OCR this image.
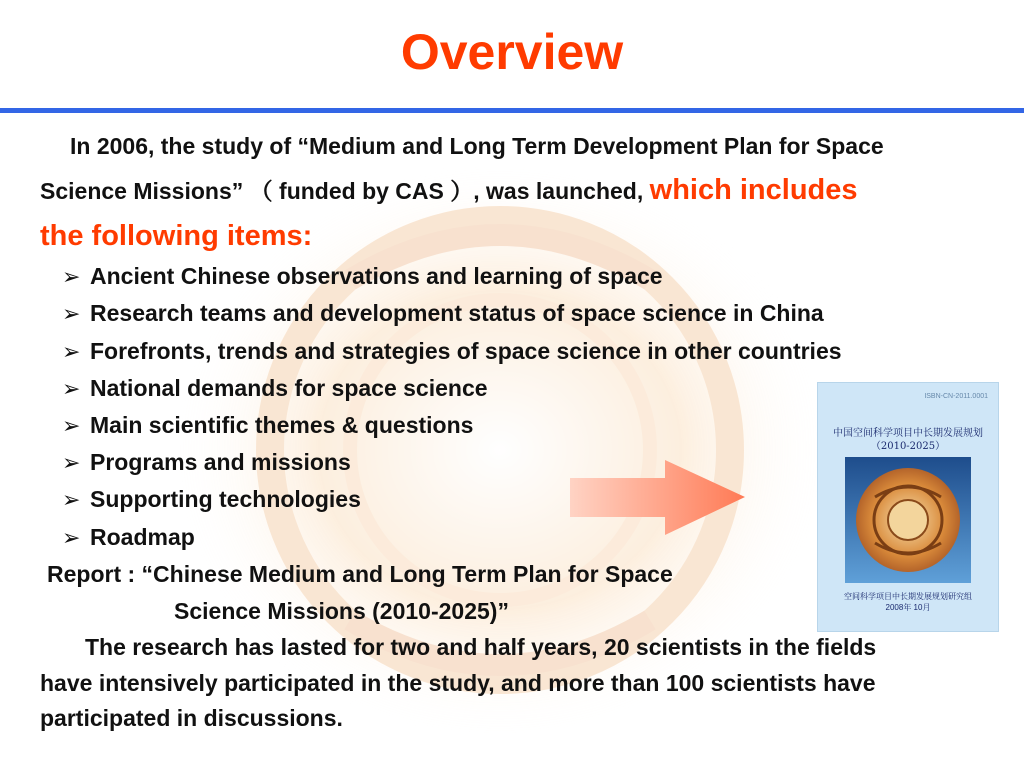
Overview
In 2006, the study of “Medium and Long Term Development Plan for Space
Science Missions” （ funded by CAS ）, was launched, which includes
the following items:
➢ Ancient Chinese observations and learning of space
➢ Research teams and development status of space science in China
➢ Forefronts, trends and strategies of space science in other countries
➢ National demands for space science
➢ Main scientific themes & questions
➢ Programs and missions
➢ Supporting technologies
➢ Roadmap
Report : “Chinese Medium and Long Term Plan for Space
Science Missions (2010-2025)”
The research has lasted for two and half years, 20 scientists in the fields
have intensively participated in the study, and more than 100 scientists have
participated in discussions.
ISBN-CN-2011.0001
中国空间科学项目中长期发展规划
（2010-2025）
空间科学项目中长期发展规划研究组
2008年 10月
